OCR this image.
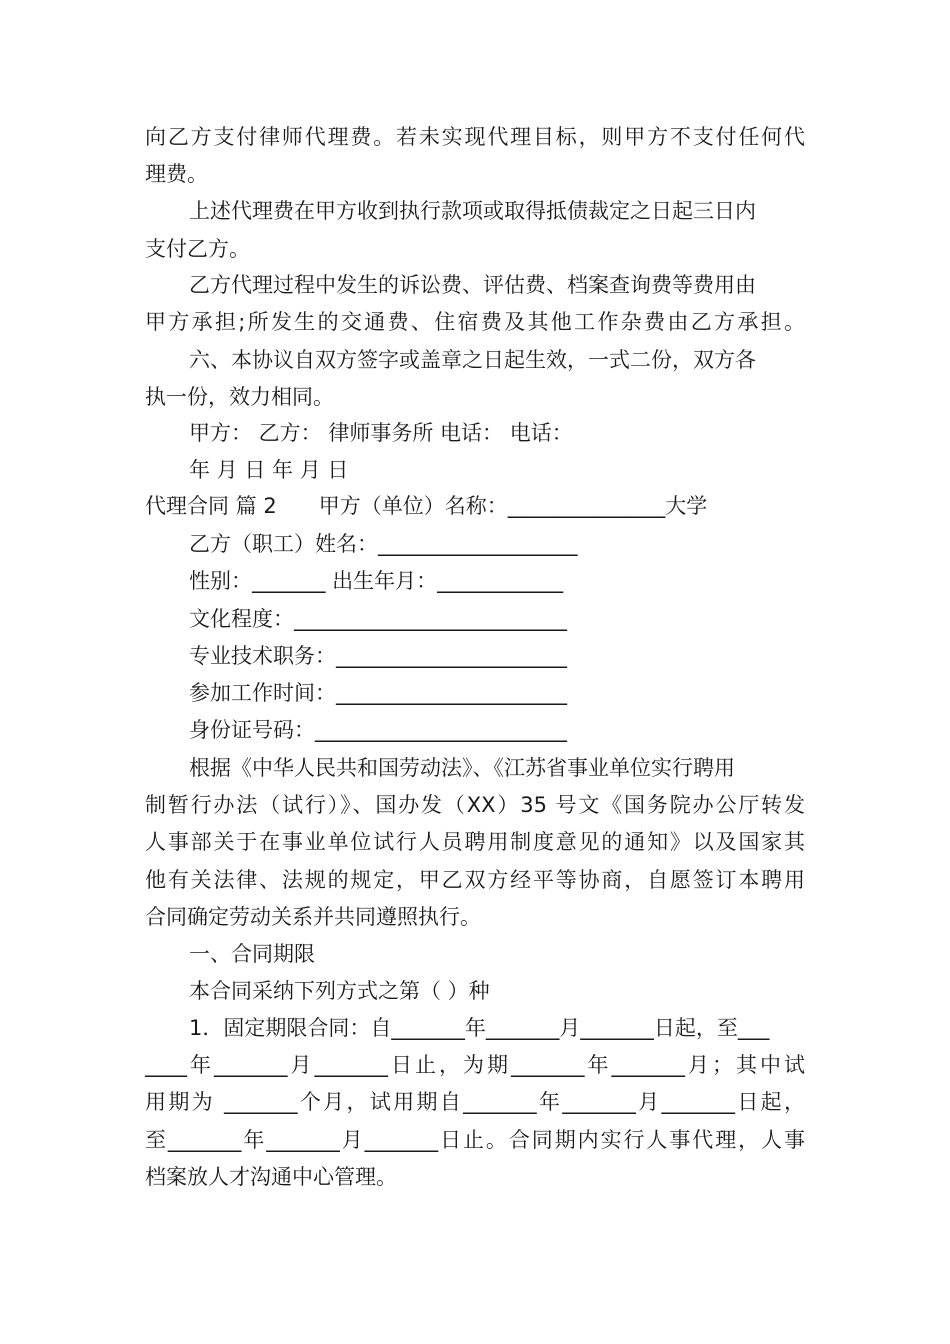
向乙方支付律师代理费。若未实现代理目标，则甲方不支付任何代
理费。
上述代理费在甲方收到执行款项或取得抵债裁定之日起三日内
支付乙方。
乙方代理过程中发生的诉讼费、评估费、档案查询费等费用由
甲方承担;所发生的交通费、住宿费及其他工作杂费由乙方承担。
六、本协议自双方签字或盖章之日起生效，一式二份，双方各
执一份，效力相同。
甲方： 乙方： 律师事务所 电话： 电话：
年 月 日 年 月 日
代理合同 篇 2　　甲方（单位）名称：_______________大学
乙方（职工）姓名：___________________
性别：_______ 出生年月：____________
文化程度：__________________________
专业技术职务：______________________
参加工作时间：______________________
身份证号码：________________________
根据《中华人民共和国劳动法》、《江苏省事业单位实行聘用
制暂行办法（试行）》、国办发（XX）35 号文《国务院办公厅转发
人事部关于在事业单位试行人员聘用制度意见的通知》以及国家其
他有关法律、法规的规定，甲乙双方经平等协商，自愿签订本聘用
合同确定劳动关系并共同遵照执行。
一、合同期限
本合同采纳下列方式之第（ ）种
1．固定期限合同：自_______年_______月_______日起，至___
____年_______月_______日止，为期_______年_______月；其中试
用期为 _______个月，试用期自_______年_______月_______日起，
至_______年_______月_______日止。合同期内实行人事代理，人事
档案放人才沟通中心管理。
